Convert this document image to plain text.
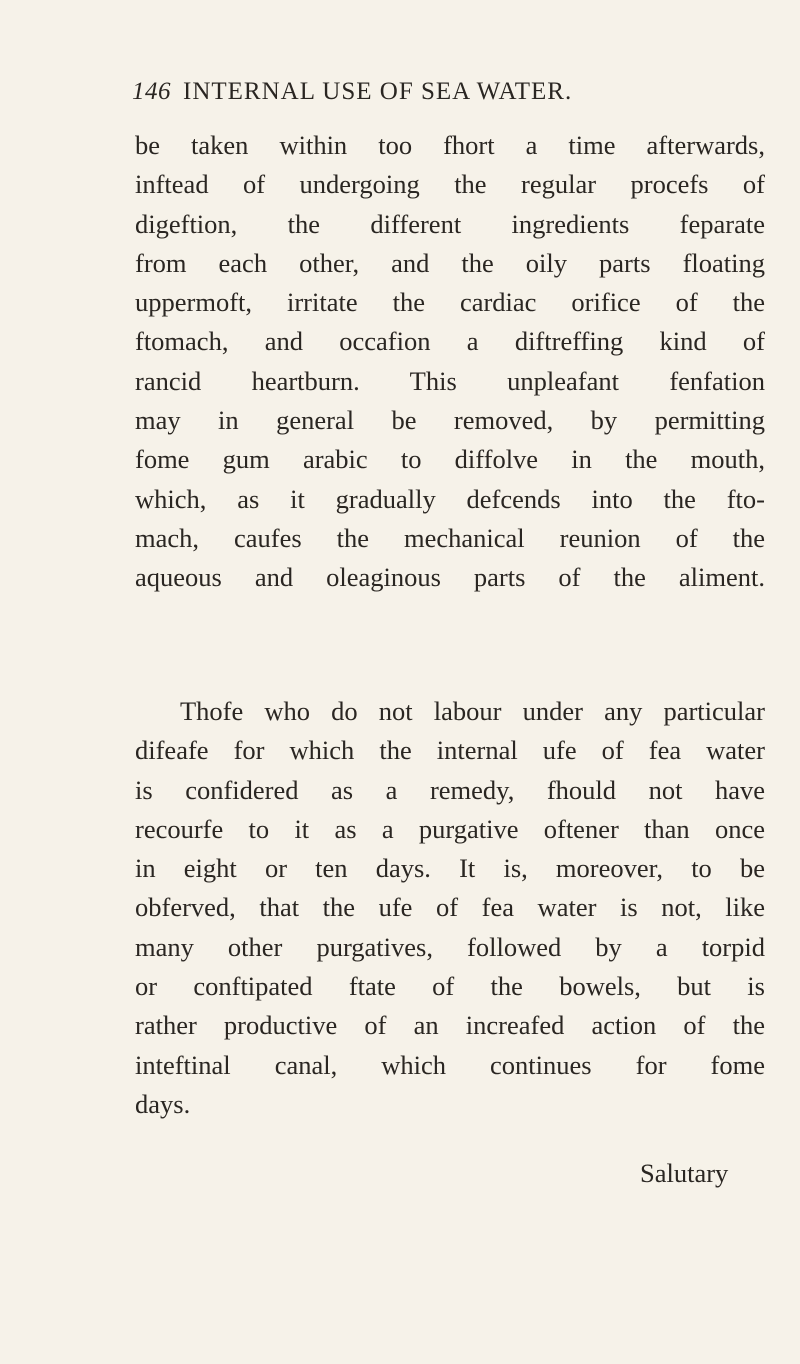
146 INTERNAL USE OF SEA WATER.
be taken within too fhort a time afterwards,
inftead of undergoing the regular procefs of
digeftion, the different ingredients feparate
from each other, and the oily parts floating
uppermoft, irritate the cardiac orifice of the
ftomach, and occafion a diftreffing kind of
rancid heartburn. This unpleafant fenfation
may in general be removed, by permitting
fome gum arabic to diffolve in the mouth,
which, as it gradually defcends into the fto-
mach, caufes the mechanical reunion of the
aqueous and oleaginous parts of the aliment.
Thofe who do not labour under any particular
difeafe for which the internal ufe of fea water
is confidered as a remedy, fhould not have
recourfe to it as a purgative oftener than once
in eight or ten days. It is, moreover, to be
obferved, that the ufe of fea water is not, like
many other purgatives, followed by a torpid
or conftipated ftate of the bowels, but is
rather productive of an increafed action of the
inteftinal canal, which continues for fome
days.
Salutary
